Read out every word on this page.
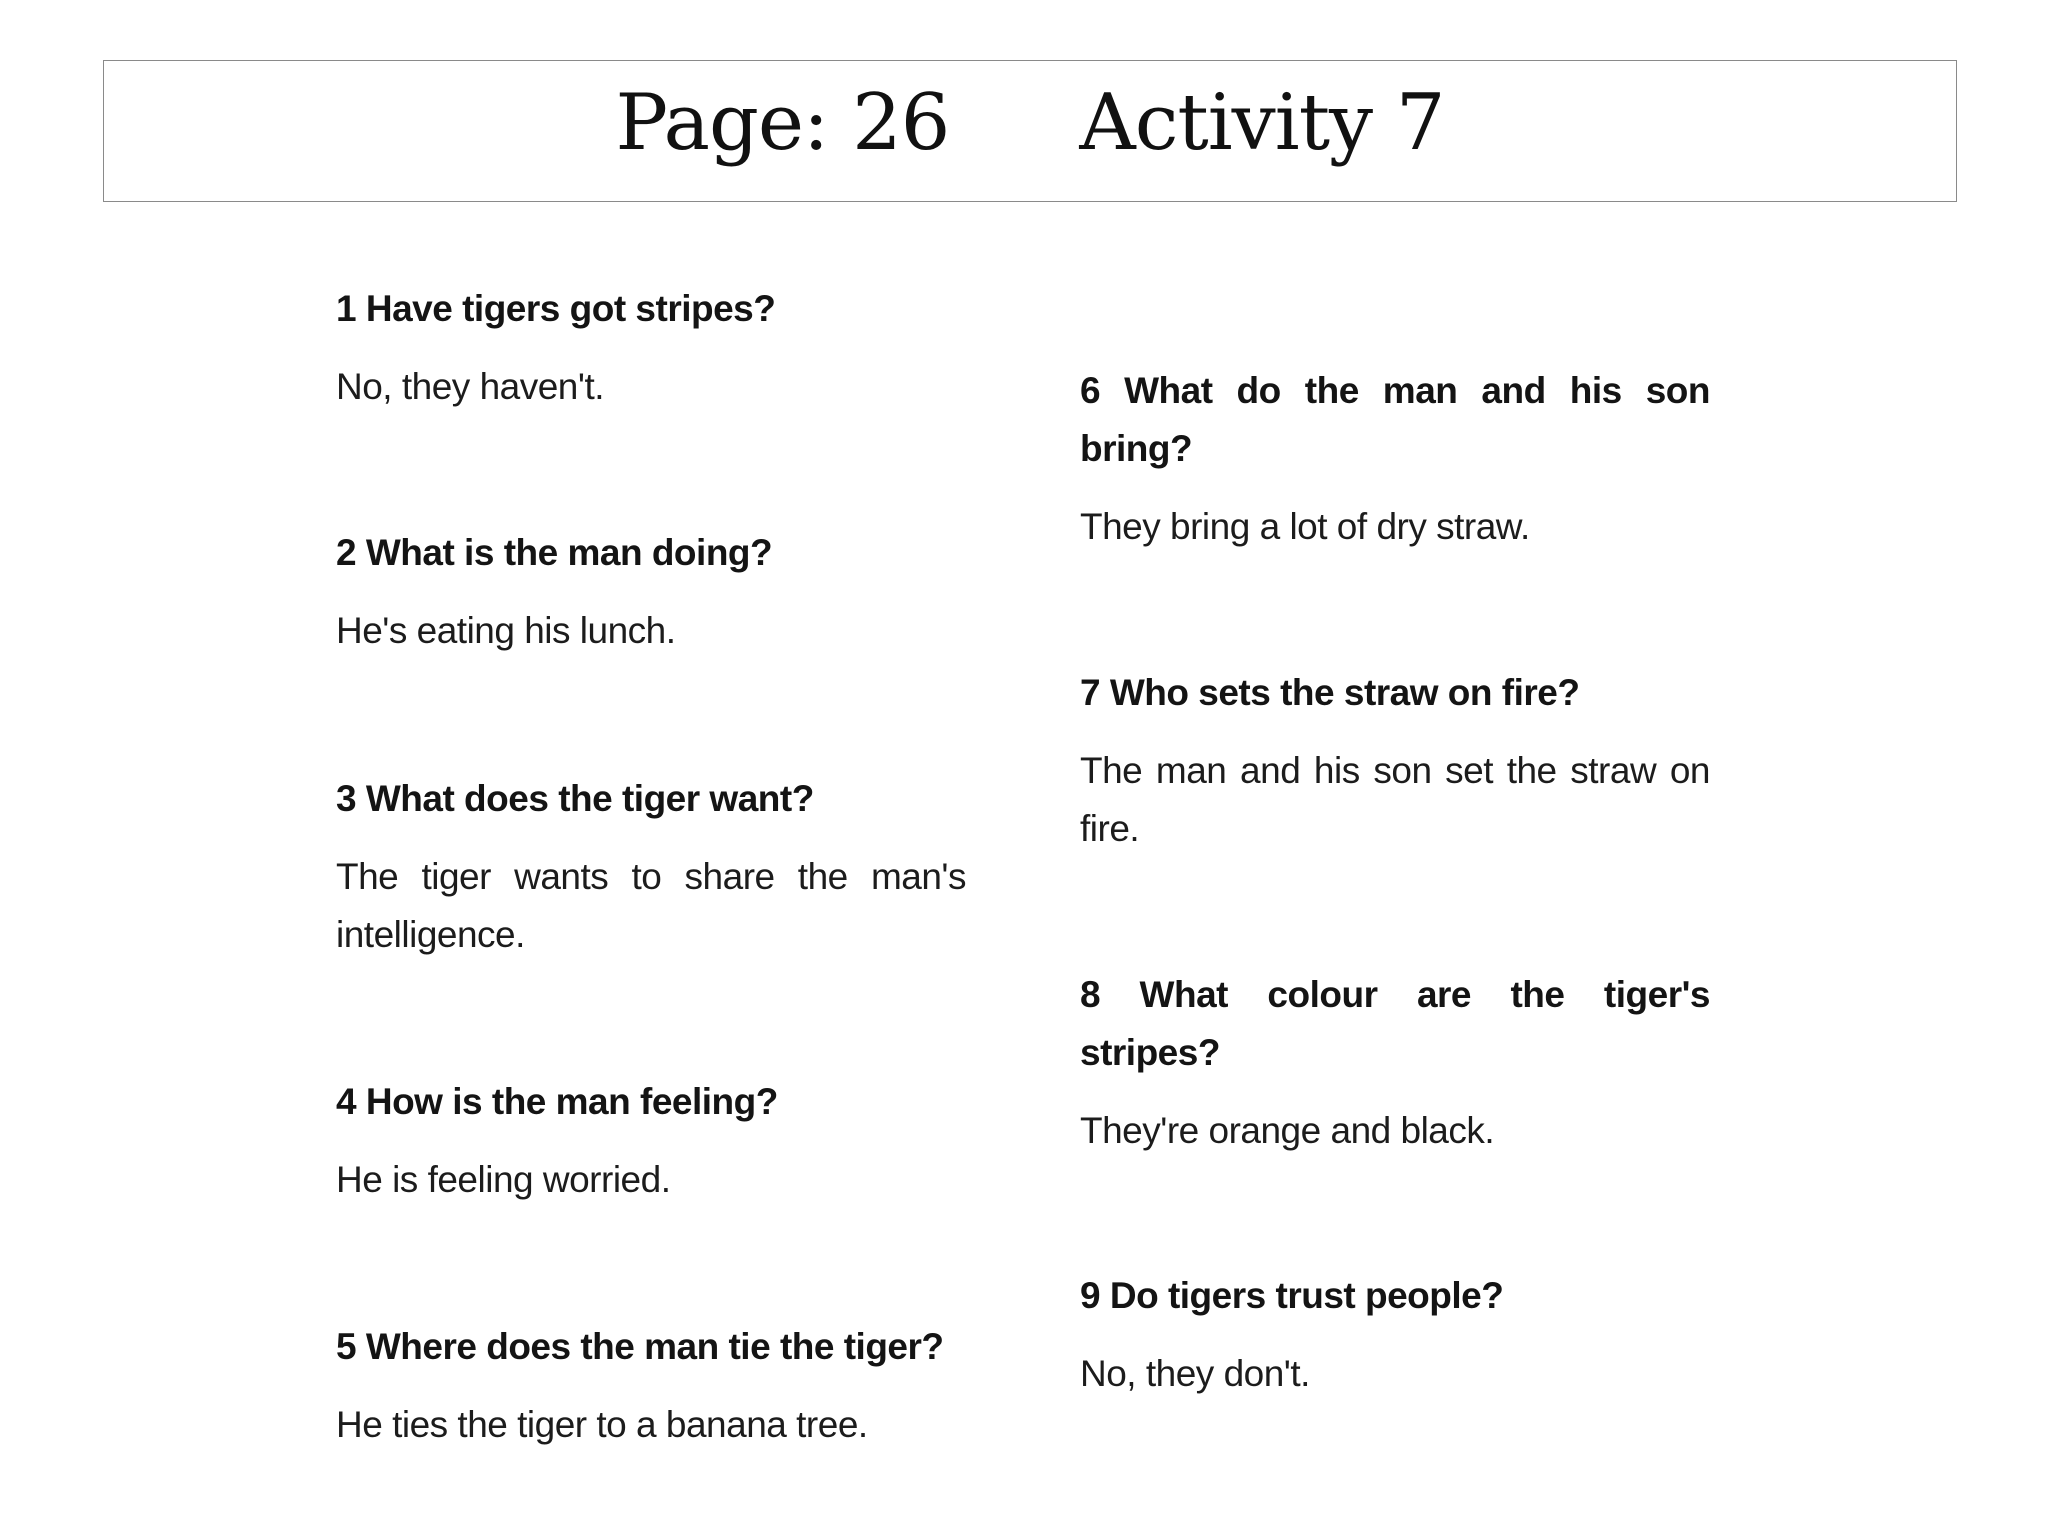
Page: 26 Activity 7

1 Have tigers got stripes?

No, they haven't.

2 What is the man doing?

He's eating his lunch.

3 What does the tiger want?

The tiger wants to share the man's intelligence.

4 How is the man feeling?

He is feeling worried.

5 Where does the man tie the tiger?

He ties the tiger to a banana tree.

6 What do the man and his son bring?

They bring a lot of dry straw.

7 Who sets the straw on fire?

The man and his son set the straw on fire.

8 What colour are the tiger's stripes?

They're orange and black.

9 Do tigers trust people?

No, they don't.
